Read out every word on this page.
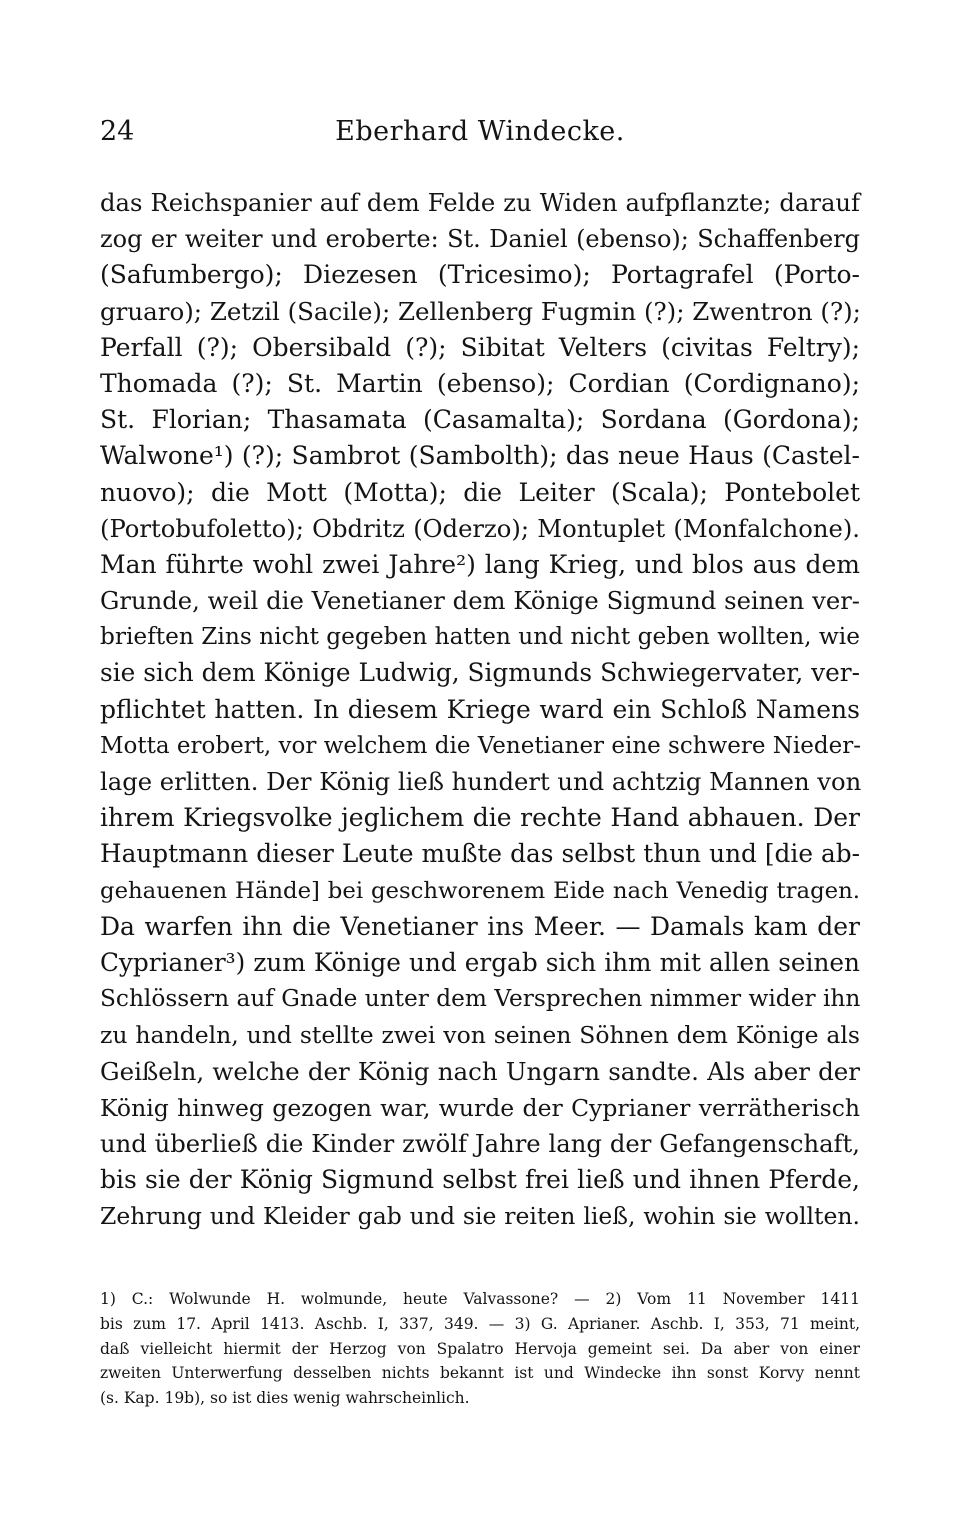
24	Eberhard Windecke.
das Reichspanier auf dem Felde zu Widen aufpflanzte; darauf
zog er weiter und eroberte: St. Daniel (ebenso); Schaffenberg
(Safumbergo); Diezesen (Tricesimo); Portagrafel (Porto-
gruaro); Zetzil (Sacile); Zellenberg Fugmin (?); Zwentron (?);
Perfall (?); Obersibald (?); Sibitat Velters (civitas Feltry);
Thomada (?); St. Martin (ebenso); Cordian (Cordignano);
St. Florian; Thasamata (Casamalta); Sordana (Gordona);
Walwone¹) (?); Sambrot (Sambolth); das neue Haus (Castel-
nuovo); die Mott (Motta); die Leiter (Scala); Pontebolet
(Portobufoletto); Obdritz (Oderzo); Montuplet (Monfalchone).
Man führte wohl zwei Jahre²) lang Krieg, und blos aus dem
Grunde, weil die Venetianer dem Könige Sigmund seinen ver-
brieften Zins nicht gegeben hatten und nicht geben wollten, wie
sie sich dem Könige Ludwig, Sigmunds Schwiegervater, ver-
pflichtet hatten. In diesem Kriege ward ein Schloß Namens
Motta erobert, vor welchem die Venetianer eine schwere Nieder-
lage erlitten. Der König ließ hundert und achtzig Mannen von
ihrem Kriegsvolke jeglichem die rechte Hand abhauen. Der
Hauptmann dieser Leute mußte das selbst thun und [die ab-
gehauenen Hände] bei geschworenem Eide nach Venedig tragen.
Da warfen ihn die Venetianer ins Meer. — Damals kam der
Cyprianer³) zum Könige und ergab sich ihm mit allen seinen
Schlössern auf Gnade unter dem Versprechen nimmer wider ihn
zu handeln, und stellte zwei von seinen Söhnen dem Könige als
Geißeln, welche der König nach Ungarn sandte. Als aber der
König hinweg gezogen war, wurde der Cyprianer verrätherisch
und überließ die Kinder zwölf Jahre lang der Gefangenschaft,
bis sie der König Sigmund selbst frei ließ und ihnen Pferde,
Zehrung und Kleider gab und sie reiten ließ, wohin sie wollten.
1) C.: Wolwunde H. wolmunde, heute Valvassone? — 2) Vom 11 November 1411
bis zum 17. April 1413. Aschb. I, 337, 349. — 3) G. Aprianer. Aschb. I, 353, 71 meint,
daß vielleicht hiermit der Herzog von Spalatro Hervoja gemeint sei. Da aber von einer
zweiten Unterwerfung desselben nichts bekannt ist und Windecke ihn sonst Korvy nennt
(s. Kap. 19b), so ist dies wenig wahrscheinlich.
